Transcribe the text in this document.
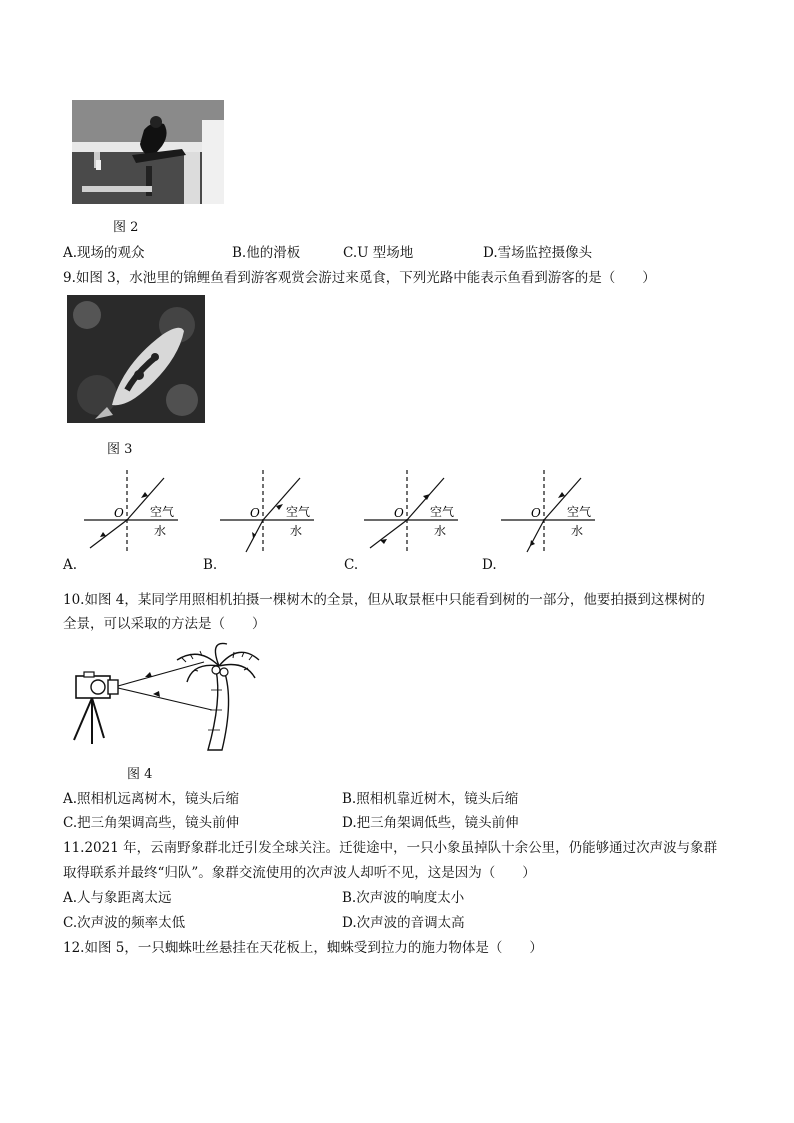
图 2
A.现场的观众	B.他的滑板	C.U 型场地	D.雪场监控摄像头
9.如图 3，水池里的锦鲤鱼看到游客观赏会游过来觅食，下列光路中能表示鱼看到游客的是（　　）
图 3
O 空气
水
A.
O 空气
水
B.
O 空气
水
C.
O 空气
水
D.
10.如图 4，某同学用照相机拍摄一棵树木的全景，但从取景框中只能看到树的一部分，他要拍摄到这棵树的
全景，可以采取的方法是（　　）
图 4
A.照相机远离树木，镜头后缩	B.照相机靠近树木，镜头后缩
C.把三角架调高些，镜头前伸	D.把三角架调低些，镜头前伸
11.2021 年，云南野象群北迁引发全球关注。迁徙途中，一只小象虽掉队十余公里，仍能够通过次声波与象群
取得联系并最终“归队”。象群交流使用的次声波人却听不见，这是因为（　　）
A.人与象距离太远	B.次声波的响度太小
C.次声波的频率太低	D.次声波的音调太高
12.如图 5，一只蜘蛛吐丝悬挂在天花板上，蜘蛛受到拉力的施力物体是（　　）
